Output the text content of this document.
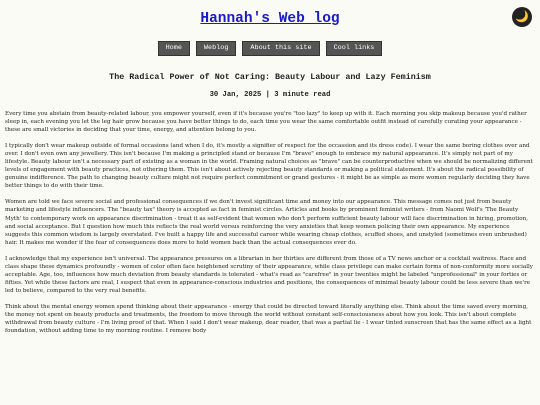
Hannah's Web log	🌙
Home	Weblog	About this site	Cool links
The Radical Power of Not Caring: Beauty Labour and Lazy Feminism
30 Jan, 2025 | 3 minute read

Every time you abstain from beauty-related labour, you empower yourself, even if it's because you're "too lazy" to keep up with it. Each morning you skip makeup because you'd rather sleep in, each evening you let the leg hair grow because you have better things to do, each time you wear the same comfortable outfit instead of carefully curating your appearance - these are small victories in deciding that your time, energy, and attention belong to you.

I typically don't wear makeup outside of formal occasions (and when I do, it's mostly a signifier of respect for the occassion and its dress code). I wear the same boring clothes over and over. I don't even own any jewellery. This isn't because I'm making a principled stand or because I'm "brave" enough to embrace my natural appearance. It's simply not part of my lifestyle. Beauty labour isn't a necessary part of existing as a woman in the world. Framing natural choices as "brave" can be counterproductive when we should be normalizing different levels of engagement with beauty practices, not othering them. This isn't about actively rejecting beauty standards or making a political statement. It's about the radical possibility of genuine indifference. The path to changing beauty culture might not require perfect commitment or grand gestures - it might be as simple as more women regularly deciding they have better things to do with their time.

Women are told we face severe social and professional consequences if we don't invest significant time and money into our appearance. This message comes not just from beauty marketing and lifestyle influencers. The "beauty tax" theory is accepted as fact in feminist circles. Articles and books by prominent feminist writers - from Naomi Wolf's 'The Beauty Myth' to contemporary work on appearance discrimination - treat it as self-evident that women who don't perform sufficient beauty labour will face discrimination in hiring, promotion, and social acceptance. But I question how much this reflects the real world versus reinforcing the very anxieties that keep women policing their own appearance. My experience suggests this common wisdom is largely overstated. I've built a happy life and successful career while wearing cheap clothes, scuffed shoes, and unstyled (sometimes even unbrushed) hair. It makes me wonder if the fear of consequences does more to hold women back than the actual consequences ever do.

I acknowledge that my experience isn't universal. The appearance pressures on a librarian in her thirties are different from those of a TV news anchor or a cocktail waitress. Race and class shape these dynamics profoundly - women of color often face heightened scrutiny of their appearance, while class privilege can make certain forms of non-conformity more socially acceptable. Age, too, influences how much deviation from beauty standards is tolerated - what's read as "carefree" in your twenties might be labeled "unprofessional" in your forties or fifties. Yet while these factors are real, I suspect that even in appearance-conscious industries and positions, the consequences of minimal beauty labour could be less severe than we're led to believe, compared to the very real benefits.

Think about the mental energy women spend thinking about their appearance - energy that could be directed toward literally anything else. Think about the time saved every morning, the money not spent on beauty products and treatments, the freedom to move through the world without constant self-consciousness about how you look. This isn't about complete withdrawal from beauty culture - I'm living proof of that. When I said I don't wear makeup, dear reader, that was a partial lie - I wear tinted sunscreen that has the same effect as a light foundation, without adding time to my morning routine. I remove body
